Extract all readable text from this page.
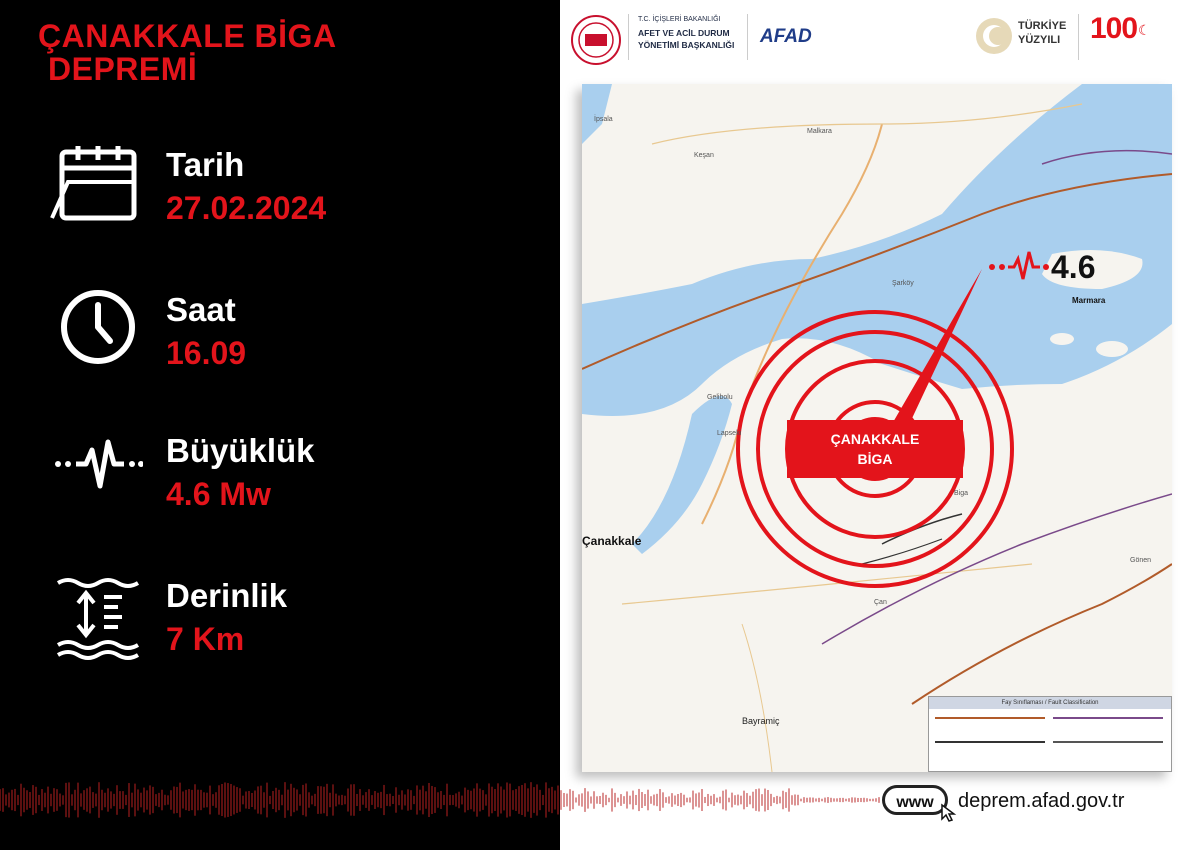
ÇANAKKALE BİGA
DEPREMİ
Tarih
27.02.2024
Saat
16.09
Büyüklük
4.6 Mw
Derinlik
7 Km
T.C. İÇİŞLERİ BAKANLIĞI
AFET VE ACİL DURUM
YÖNETİMİ BAŞKANLIĞI AFAD	TÜRKİYE
YÜZYILI 100 ☾
ÇANAKKALE
BİGA
4.6
Çanakkale
Marmara
Gelibolu
Lapseki
Keşan
Malkara
Şarköy
Bayramiç
Gönen
Biga
Çan
İpsala
Fay Sınıflaması / Fault Classification
www	deprem.afad.gov.tr
